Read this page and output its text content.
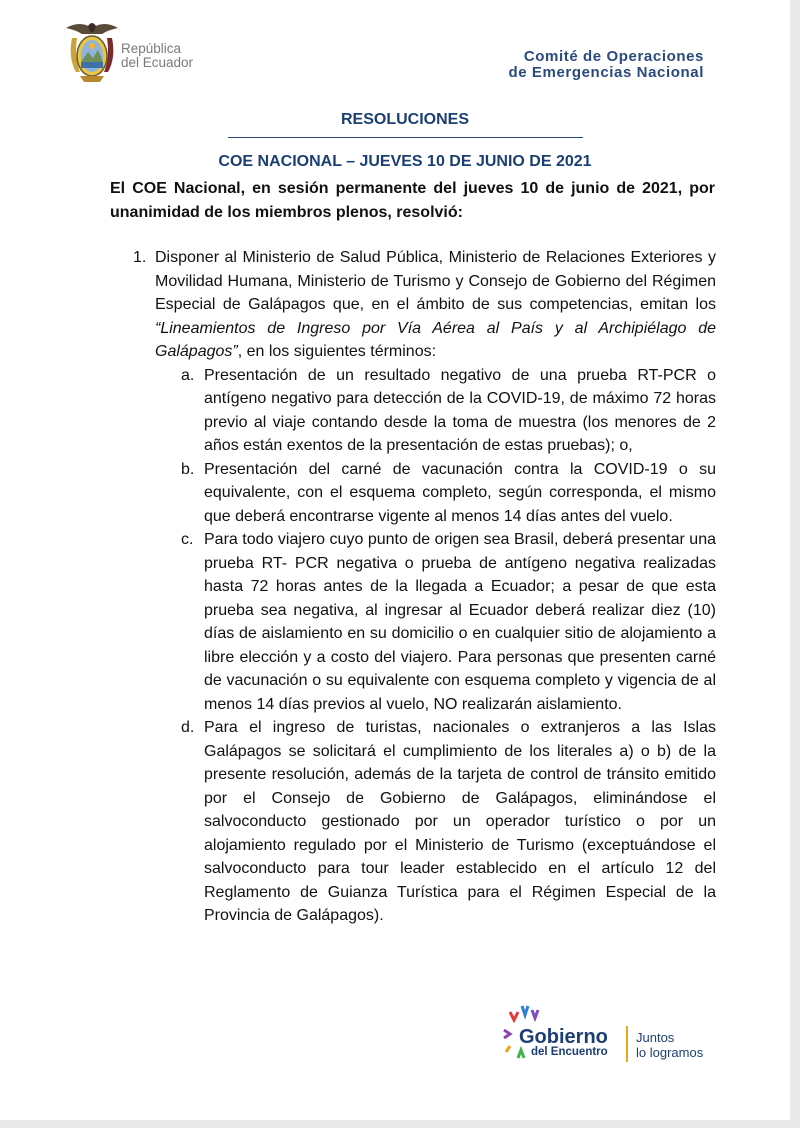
República
del Ecuador	Comité de Operaciones
de Emergencias Nacional
RESOLUCIONES
COE NACIONAL – JUEVES 10 DE JUNIO DE 2021
El COE Nacional, en sesión permanente del jueves 10 de junio de 2021, por unanimidad de los miembros plenos, resolvió:
1. Disponer al Ministerio de Salud Pública, Ministerio de Relaciones Exteriores y Movilidad Humana, Ministerio de Turismo y Consejo de Gobierno del Régimen Especial de Galápagos que, en el ámbito de sus competencias, emitan los “Lineamientos de Ingreso por Vía Aérea al País y al Archipiélago de Galápagos”, en los siguientes términos:
a. Presentación de un resultado negativo de una prueba RT-PCR o antígeno negativo para detección de la COVID-19, de máximo 72 horas previo al viaje contando desde la toma de muestra (los menores de 2 años están exentos de la presentación de estas pruebas); o,
b. Presentación del carné de vacunación contra la COVID-19 o su equivalente, con el esquema completo, según corresponda, el mismo que deberá encontrarse vigente al menos 14 días antes del vuelo.
c. Para todo viajero cuyo punto de origen sea Brasil, deberá presentar una prueba RT- PCR negativa o prueba de antígeno negativa realizadas hasta 72 horas antes de la llegada a Ecuador; a pesar de que esta prueba sea negativa, al ingresar al Ecuador deberá realizar diez (10) días de aislamiento en su domicilio o en cualquier sitio de alojamiento a libre elección y a costo del viajero. Para personas que presenten carné de vacunación o su equivalente con esquema completo y vigencia de al menos 14 días previos al vuelo, NO realizarán aislamiento.
d. Para el ingreso de turistas, nacionales o extranjeros a las Islas Galápagos se solicitará el cumplimiento de los literales a) o b) de la presente resolución, además de la tarjeta de control de tránsito emitido por el Consejo de Gobierno de Galápagos, eliminándose el salvoconducto gestionado por un operador turístico o por un alojamiento regulado por el Ministerio de Turismo (exceptuándose el salvoconducto para tour leader establecido en el artículo 12 del Reglamento de Guianza Turística para el Régimen Especial de la Provincia de Galápagos).
Gobierno
del Encuentro
Juntos
lo logramos
